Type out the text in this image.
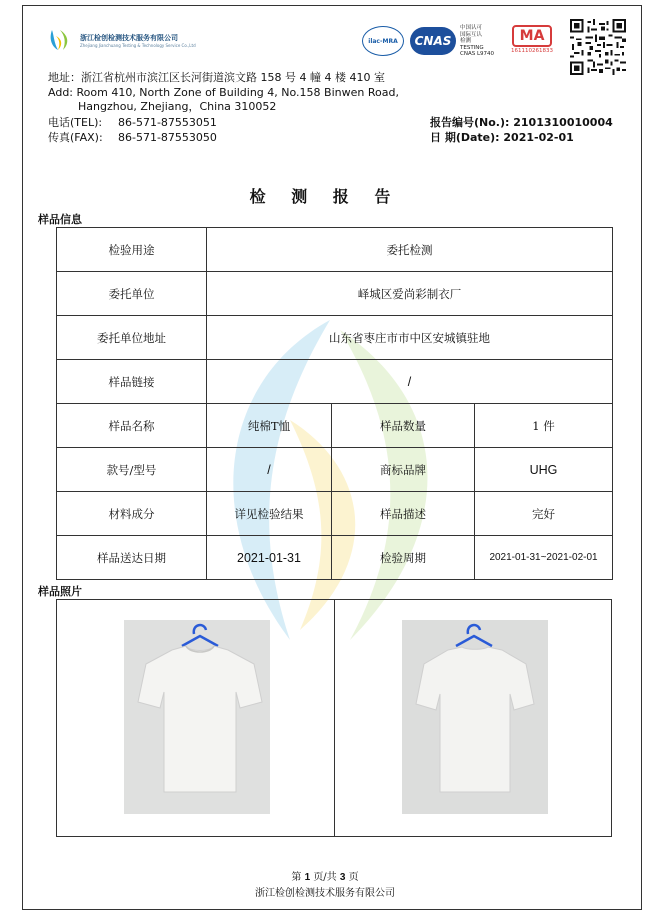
浙江检创检测技术服务有限公司
Zhejiang Jianchuang Testing & Technology Service Co.,Ltd
ilac-MRA	CNAS
中国认可
国际互认
检测
TESTING
CNAS L9740
MA
161110261833
地址：浙江省杭州市滨江区长河街道滨文路 158 号 4 幢 4 楼 410 室
Add: Room 410, North Zone of Building 4, No.158 Binwen Road,
Hangzhou, Zhejiang，China 310052
电话(TEL):	86-571-87553051
传真(FAX):	86-571-87553050
报告编号(No.): 2101310010004
日 期(Date): 2021-02-01
检 测 报 告
样品信息
检验用途	委托检测		
委托单位	峄城区爱尚彩制衣厂		
委托单位地址	山东省枣庄市市中区安城镇驻地		
样品链接	/		
样品名称	纯棉T恤	样品数量	1 件
款号/型号	/	商标品牌	UHG
材料成分	详见检验结果	样品描述	完好
样品送达日期	2021-01-31	检验周期	2021-01-31~2021-02-01
样品照片
第 1 页/共 3 页
浙江检创检测技术服务有限公司
